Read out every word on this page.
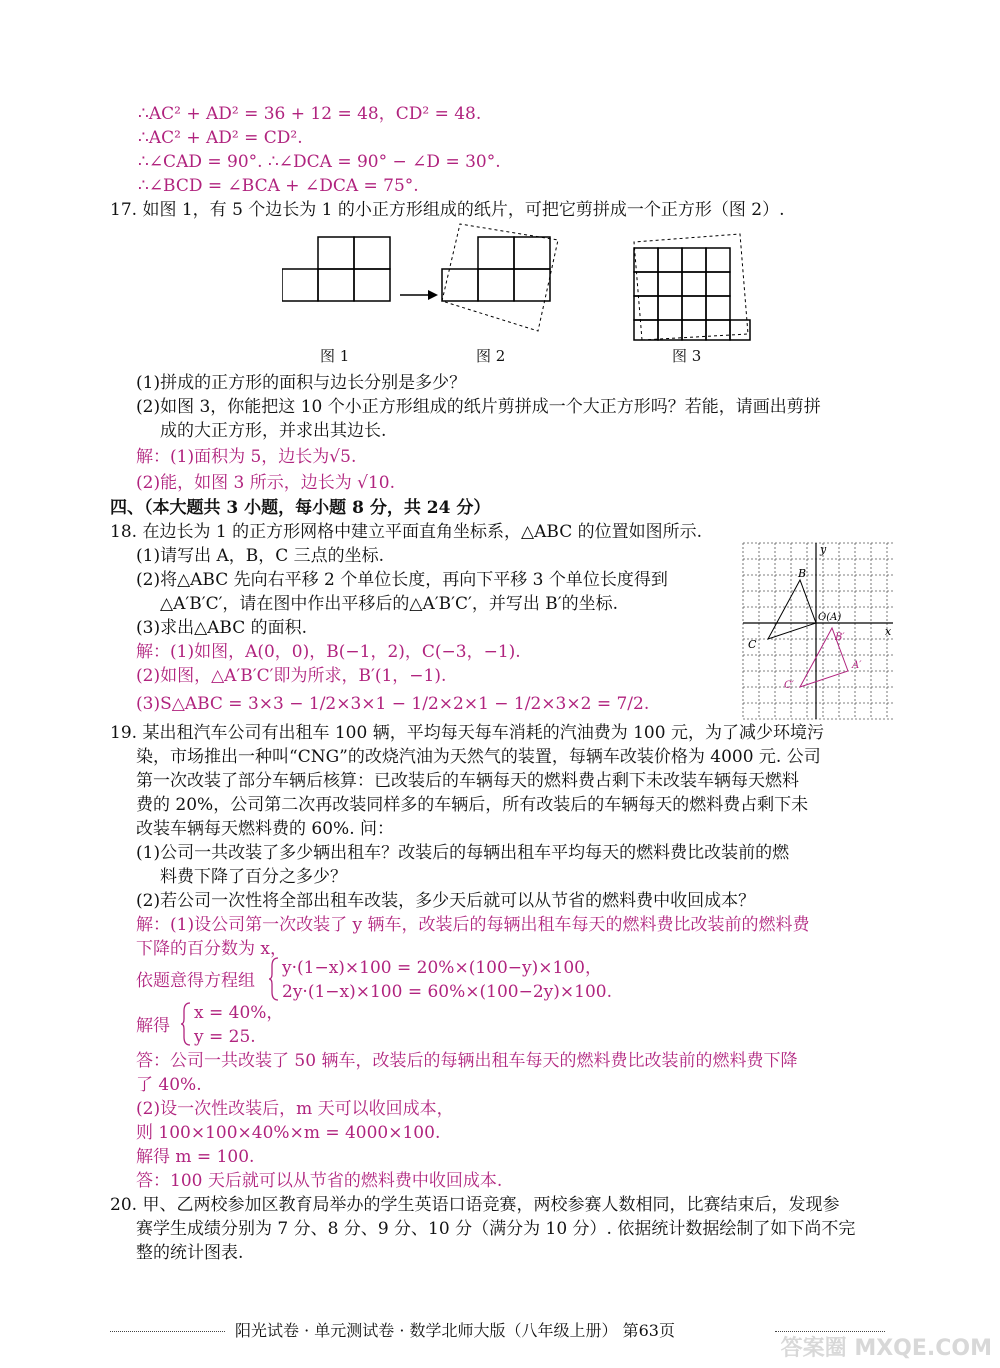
∴AC² + AD² = 36 + 12 = 48，CD² = 48.
∴AC² + AD² = CD².
∴∠CAD = 90°. ∴∠DCA = 90° − ∠D = 30°.
∴∠BCD = ∠BCA + ∠DCA = 75°.
17. 如图 1，有 5 个边长为 1 的小正方形组成的纸片，可把它剪拼成一个正方形（图 2）.
图 1	图 2	图 3
(1)拼成的正方形的面积与边长分别是多少？
(2)如图 3，你能把这 10 个小正方形组成的纸片剪拼成一个大正方形吗？若能，请画出剪拼
成的大正方形，并求出其边长.
解：(1)面积为 5，边长为√5.
(2)能，如图 3 所示，边长为 √10.
四、（本大题共 3 小题，每小题 8 分，共 24 分）
18. 在边长为 1 的正方形网格中建立平面直角坐标系，△ABC 的位置如图所示.
(1)请写出 A，B，C 三点的坐标.
(2)将△ABC 先向右平移 2 个单位长度，再向下平移 3 个单位长度得到
△A′B′C′，请在图中作出平移后的△A′B′C′，并写出 B′的坐标.
(3)求出△ABC 的面积.
解：(1)如图，A(0，0)，B(−1，2)，C(−3，−1).
(2)如图，△A′B′C′即为所求，B′(1，−1).
(3)S△ABC = 3×3 − 1/2×3×1 − 1/2×2×1 − 1/2×3×2 = 7/2.
y
x
B
C
O(A)
B′
A′
C′
19. 某出租汽车公司有出租车 100 辆，平均每天每车消耗的汽油费为 100 元，为了减少环境污
染，市场推出一种叫“CNG”的改烧汽油为天然气的装置，每辆车改装价格为 4000 元. 公司
第一次改装了部分车辆后核算：已改装后的车辆每天的燃料费占剩下未改装车辆每天燃料
费的 20%，公司第二次再改装同样多的车辆后，所有改装后的车辆每天的燃料费占剩下未
改装车辆每天燃料费的 60%. 问：
(1)公司一共改装了多少辆出租车？改装后的每辆出租车平均每天的燃料费比改装前的燃
料费下降了百分之多少？
(2)若公司一次性将全部出租车改装，多少天后就可以从节省的燃料费中收回成本？
解：(1)设公司第一次改装了 y 辆车，改装后的每辆出租车每天的燃料费比改装前的燃料费
下降的百分数为 x，
依题意得方程组
y·(1−x)×100 = 20%×(100−y)×100，
2y·(1−x)×100 = 60%×(100−2y)×100.
解得
x = 40%，
y = 25.
答：公司一共改装了 50 辆车，改装后的每辆出租车每天的燃料费比改装前的燃料费下降
了 40%.
(2)设一次性改装后，m 天可以收回成本，
则 100×100×40%×m = 4000×100.
解得 m = 100.
答：100 天后就可以从节省的燃料费中收回成本.
20. 甲、乙两校参加区教育局举办的学生英语口语竞赛，两校参赛人数相同，比赛结束后，发现参
赛学生成绩分别为 7 分、8 分、9 分、10 分（满分为 10 分）. 依据统计数据绘制了如下尚不完
整的统计图表.
阳光试卷 · 单元测试卷 · 数学北师大版（八年级上册） 第63页
答案圈 MXQE.COM
